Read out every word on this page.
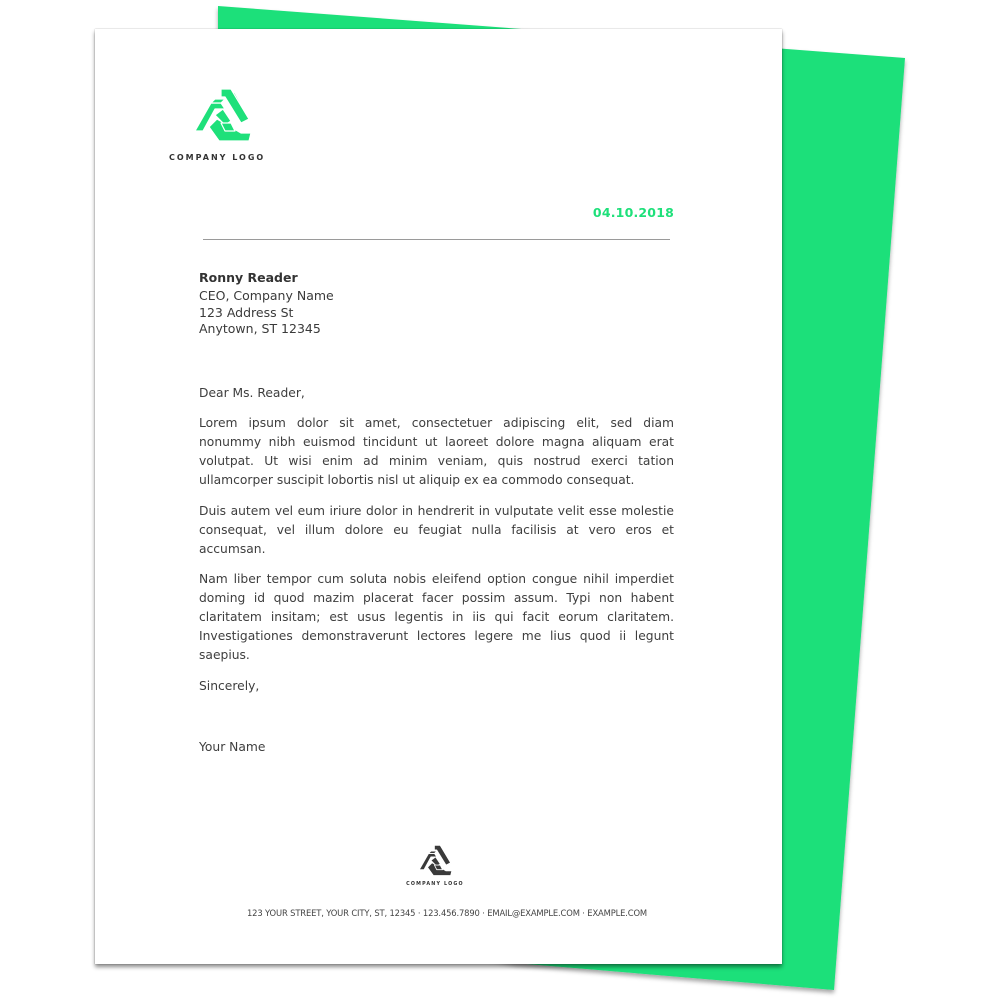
COMPANY LOGO
04.10.2018
Ronny Reader
CEO, Company Name
123 Address St
Anytown, ST 12345

Dear Ms. Reader,

Lorem ipsum dolor sit amet, consectetuer adipiscing elit, sed diam nonummy nibh euismod tincidunt ut laoreet dolore magna aliquam erat volutpat. Ut wisi enim ad minim veniam, quis nostrud exerci tation ullamcorper suscipit lobortis nisl ut aliquip ex ea commodo consequat.

Duis autem vel eum iriure dolor in hendrerit in vulputate velit esse molestie consequat, vel illum dolore eu feugiat nulla facilisis at vero eros et accumsan.

Nam liber tempor cum soluta nobis eleifend option congue nihil imperdiet doming id quod mazim placerat facer possim assum. Typi non habent claritatem insitam; est usus legentis in iis qui facit eorum claritatem. Investigationes demonstraverunt lectores legere me lius quod ii legunt saepius.

Sincerely,

Your Name

COMPANY LOGO
123 YOUR STREET, YOUR CITY, ST, 12345 · 123.456.7890 · EMAIL@EXAMPLE.COM · EXAMPLE.COM
